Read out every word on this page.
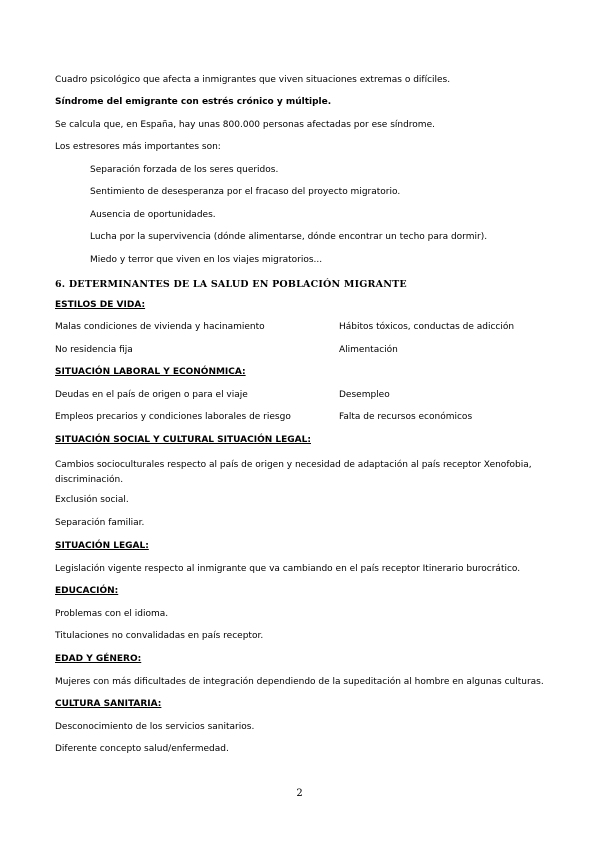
Cuadro psicológico que afecta a inmigrantes que viven situaciones extremas o difíciles.
Síndrome del emigrante con estrés crónico y múltiple.
Se calcula que, en España, hay unas 800.000 personas afectadas por ese síndrome.
Los estresores más importantes son:
Separación forzada de los seres queridos.
Sentimiento de desesperanza por el fracaso del proyecto migratorio.
Ausencia de oportunidades.
Lucha por la supervivencia (dónde alimentarse, dónde encontrar un techo para dormir).
Miedo y terror que viven en los viajes migratorios...
6. DETERMINANTES DE LA SALUD EN POBLACIÓN MIGRANTE
ESTILOS DE VIDA:
Malas condiciones de vivienda y hacinamiento	Hábitos tóxicos, conductas de adicción
No residencia fija	Alimentación
SITUACIÓN LABORAL Y ECONÓNMICA:
Deudas en el país de origen o para el viaje	Desempleo
Empleos precarios y condiciones laborales de riesgo	Falta de recursos económicos
SITUACIÓN SOCIAL Y CULTURAL SITUACIÓN LEGAL:
Cambios socioculturales respecto al país de origen y necesidad de adaptación al país receptor Xenofobia, discriminación.
Exclusión social.
Separación familiar.
SITUACIÓN LEGAL:
Legislación vigente respecto al inmigrante que va cambiando en el país receptor Itinerario burocrático.
EDUCACIÓN:
Problemas con el idioma.
Titulaciones no convalidadas en país receptor.
EDAD Y GÉNERO:
Mujeres con más dificultades de integración dependiendo de la supeditación al hombre en algunas culturas.
CULTURA SANITARIA:
Desconocimiento de los servicios sanitarios.
Diferente concepto salud/enfermedad.
2
